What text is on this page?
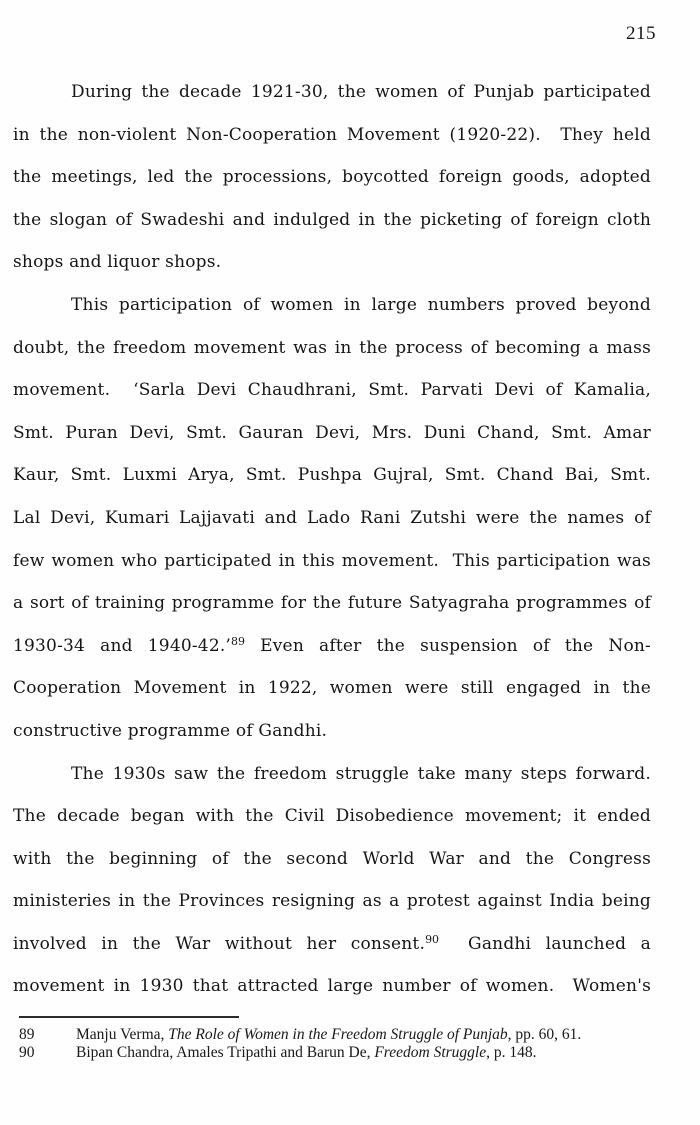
215
During the decade 1921-30, the women of Punjab participated
in the non-violent Non-Cooperation Movement (1920-22).  They held
the meetings, led the processions, boycotted foreign goods, adopted
the slogan of Swadeshi and indulged in the picketing of foreign cloth
shops and liquor shops.
This participation of women in large numbers proved beyond
doubt, the freedom movement was in the process of becoming a mass
movement.  ‘Sarla Devi Chaudhrani, Smt. Parvati Devi of Kamalia,
Smt. Puran Devi, Smt. Gauran Devi, Mrs. Duni Chand, Smt. Amar
Kaur, Smt. Luxmi Arya, Smt. Pushpa Gujral, Smt. Chand Bai, Smt.
Lal Devi, Kumari Lajjavati and Lado Rani Zutshi were the names of
few women who participated in this movement.  This participation was
a sort of training programme for the future Satyagraha programmes of
1930-34 and 1940-42.’$^{89}$ Even after the suspension of the Non-
Cooperation Movement in 1922, women were still engaged in the
constructive programme of Gandhi.
The 1930s saw the freedom struggle take many steps forward.
The decade began with the Civil Disobedience movement; it ended
with the beginning of the second World War and the Congress
ministeries in the Provinces resigning as a protest against India being
involved in the War without her consent.$^{90}$  Gandhi launched a
movement in 1930 that attracted large number of women.  Women's
89	Manju Verma, The Role of Women in the Freedom Struggle of Punjab, pp. 60, 61.
90	Bipan Chandra, Amales Tripathi and Barun De, Freedom Struggle, p. 148.
